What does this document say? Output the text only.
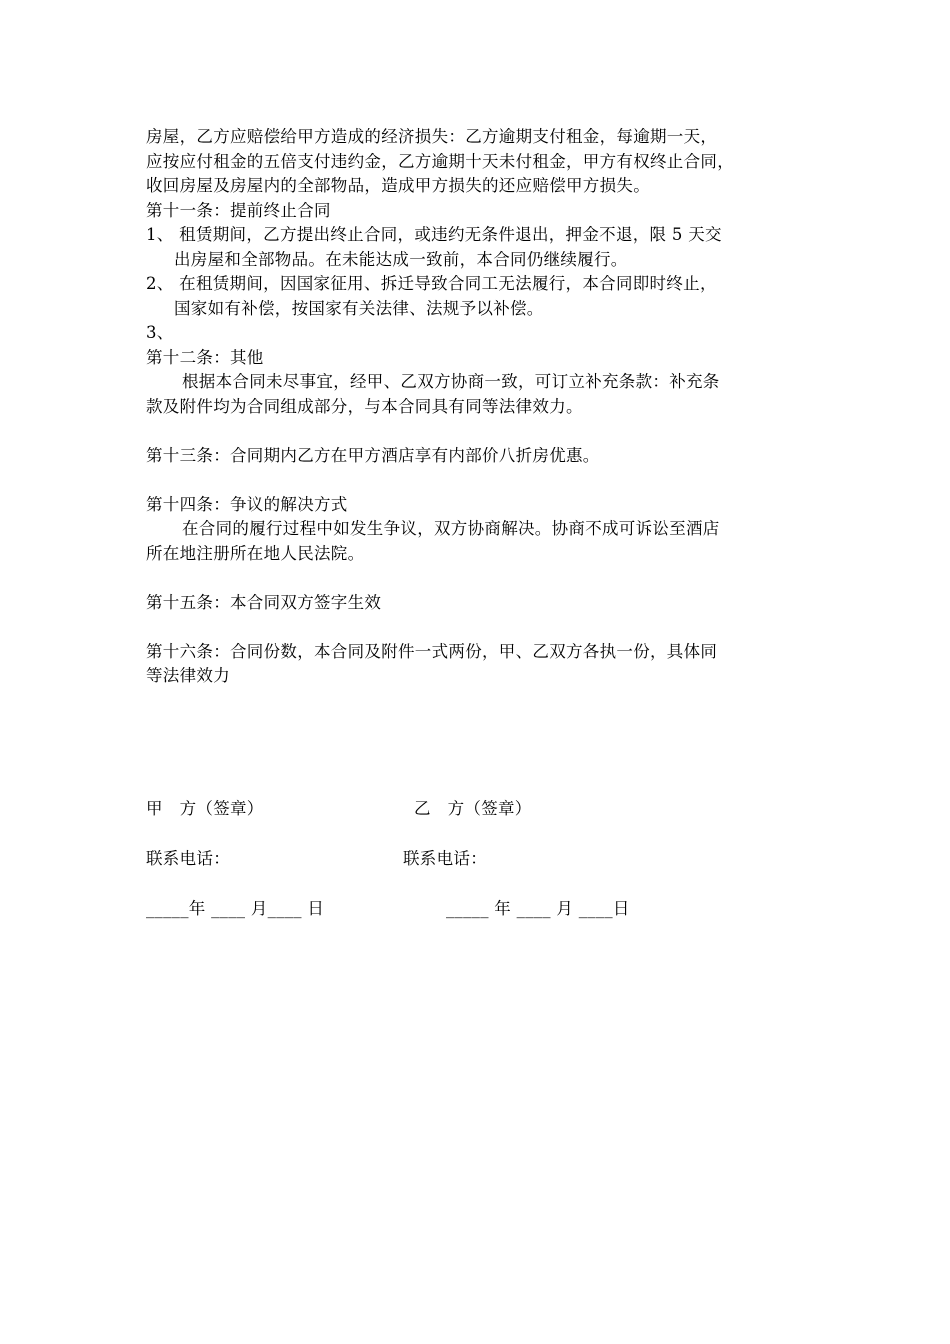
房屋，乙方应赔偿给甲方造成的经济损失：乙方逾期支付租金，每逾期一天，
应按应付租金的五倍支付违约金，乙方逾期十天未付租金，甲方有权终止合同，
收回房屋及房屋内的全部物品，造成甲方损失的还应赔偿甲方损失。
第十一条：提前终止合同
1、 租赁期间，乙方提出终止合同，或违约无条件退出，押金不退，限 5 天交
出房屋和全部物品。在未能达成一致前，本合同仍继续履行。
2、 在租赁期间，因国家征用、拆迁导致合同工无法履行，本合同即时终止，
国家如有补偿，按国家有关法律、法规予以补偿。
3、
第十二条：其他
根据本合同未尽事宜，经甲、乙双方协商一致，可订立补充条款：补充条
款及附件均为合同组成部分，与本合同具有同等法律效力。
第十三条：合同期内乙方在甲方酒店享有内部价八折房优惠。
第十四条：争议的解决方式
在合同的履行过程中如发生争议，双方协商解决。协商不成可诉讼至酒店
所在地注册所在地人民法院。
第十五条：本合同双方签字生效
第十六条：合同份数，本合同及附件一式两份，甲、乙双方各执一份，具体同
等法律效力
甲　方（签章）	乙　方（签章）
联系电话：	联系电话：
_____年 ____ 月____ 日	_____ 年 ____ 月 ____日
